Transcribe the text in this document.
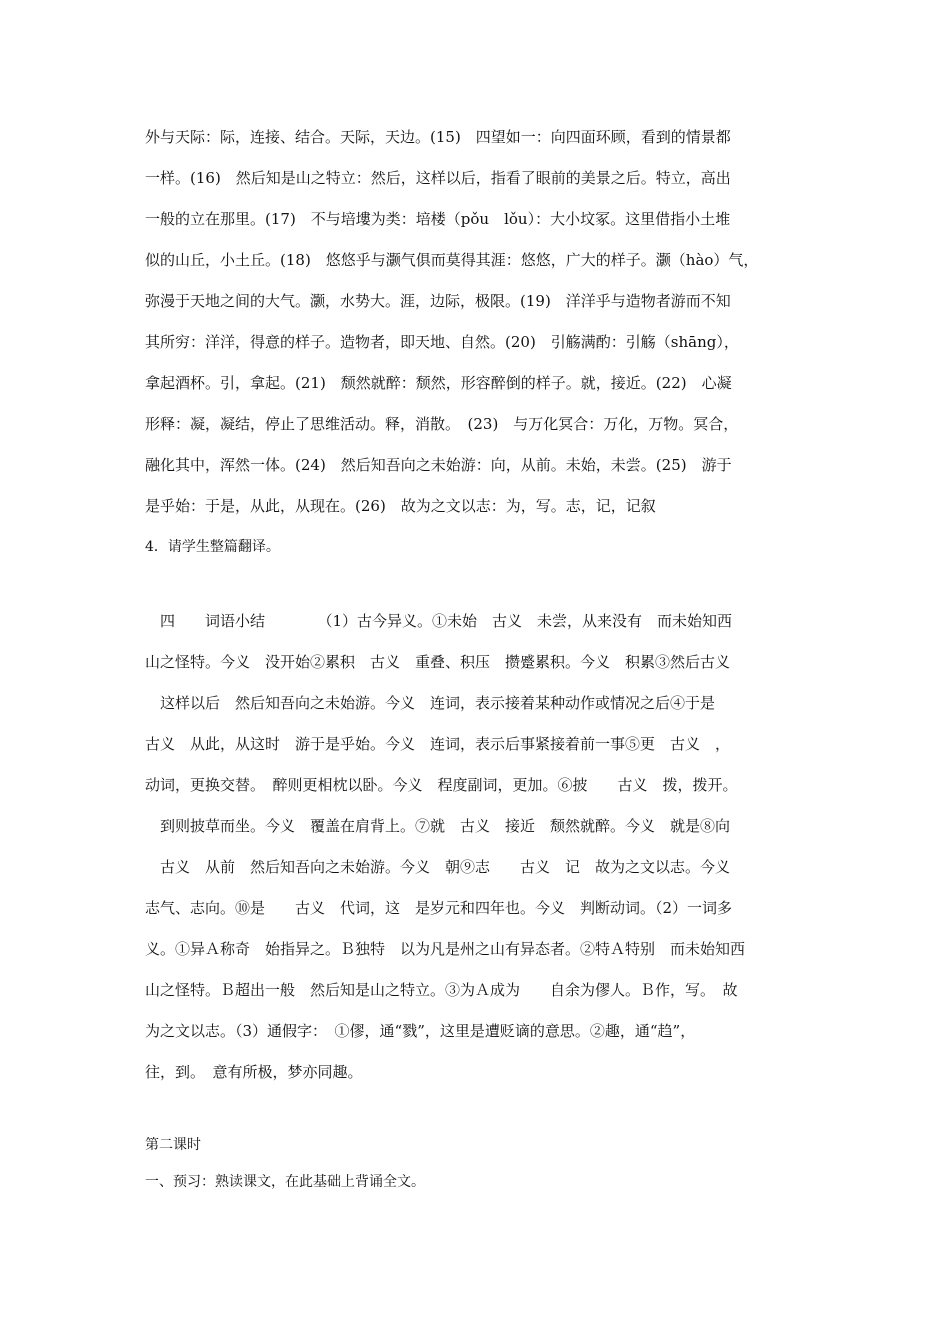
外与天际：际，连接、结合。天际，天边。(15)　四望如一：向四面环顾，看到的情景都
一样。(16)　然后知是山之特立：然后，这样以后，指看了眼前的美景之后。特立，高出
一般的立在那里。(17)　不与培塿为类：培楼（pǒu　lǒu）：大小坟冢。这里借指小土堆
似的山丘，小土丘。(18)　悠悠乎与灏气俱而莫得其涯：悠悠，广大的样子。灏（hào）气，
弥漫于天地之间的大气。灏，水势大。涯，边际，极限。(19)　洋洋乎与造物者游而不知
其所穷：洋洋，得意的样子。造物者，即天地、自然。(20)　引觞满酌：引觞（shāng），
拿起酒杯。引，拿起。(21)　颓然就醉：颓然，形容醉倒的样子。就，接近。(22)　心凝
形释：凝，凝结，停止了思维活动。释，消散。　(23)　与万化冥合：万化，万物。冥合，
融化其中，浑然一体。(24)　然后知吾向之未始游：向，从前。未始，未尝。(25)　游于
是乎始：于是，从此，从现在。(26)　故为之文以志：为，写。志，记，记叙
4．请学生整篇翻译。
　四　　词语小结　　　　（1）古今异义。①未始　古义　未尝，从来没有　而未始知西
山之怪特。今义　没开始②累积　古义　重叠、积压　攒蹙累积。今义　积累③然后古义
　这样以后　然后知吾向之未始游。今义　连词，表示接着某种动作或情况之后④于是
古义　从此，从这时　游于是乎始。今义　连词，表示后事紧接着前一事⑤更　古义　，
动词，更换交替。　醉则更相枕以卧。今义　程度副词，更加。⑥披　　古义　拨，拨开。
　到则披草而坐。今义　覆盖在肩背上。⑦就　古义　接近　颓然就醉。今义　就是⑧向
　古义　从前　然后知吾向之未始游。今义　朝⑨志　　古义　记　故为之文以志。今义
志气、志向。⑩是　　古义　代词，这　是岁元和四年也。今义　判断动词。（2）一词多
义。①异Ａ称奇　始指异之。Ｂ独特　以为凡是州之山有异态者。②特Ａ特别　而未始知西
山之怪特。Ｂ超出一般　然后知是山之特立。③为Ａ成为　　自余为僇人。Ｂ作，写。　故
为之文以志。（3）通假字：　①僇，通“戮”，这里是遭贬谪的意思。②趣，通“趋”，
往，到。　意有所极，梦亦同趣。
第二课时
一、预习：熟读课文，在此基础上背诵全文。
